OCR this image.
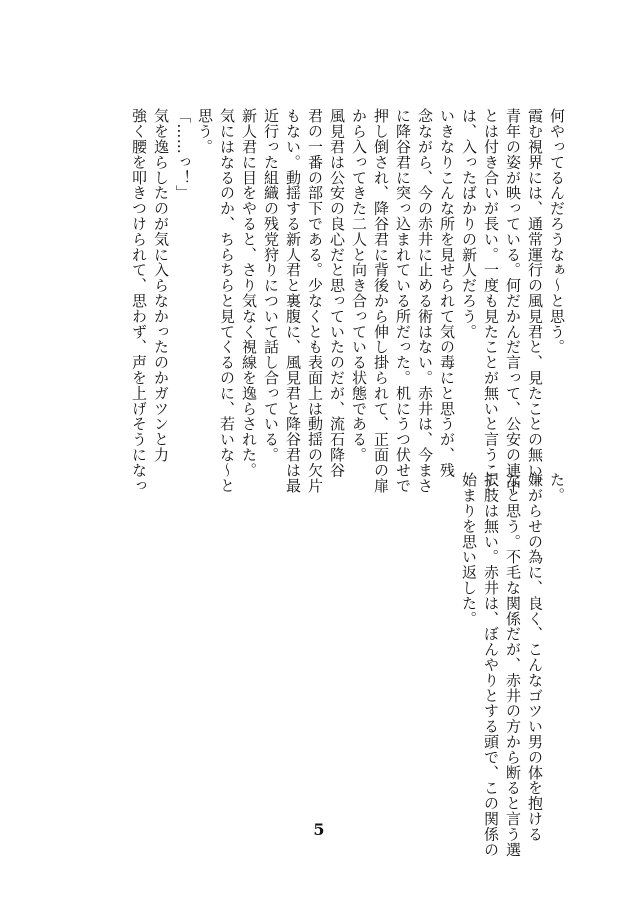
何やってるんだろうなぁ～と思う。
霞む視界には、通常運行の風見君と、見たことの無い
青年の姿が映っている。何だかんだ言って、公安の連中
とは付き合いが長い。一度も見たことが無いと言うこと
は、入ったばかりの新人だろう。
いきなりこんな所を見せられて気の毒にと思うが、残
念ながら、今の赤井に止める術はない。赤井は、今まさ
に降谷君に突っ込まれている所だった。机にうつ伏せで
押し倒され、降谷君に背後から伸し掛られて、正面の扉
から入ってきた二人と向き合っている状態である。
風見君は公安の良心だと思っていたのだが、流石降谷
君の一番の部下である。少なくとも表面上は動揺の欠片
もない。動揺する新人君と裏腹に、風見君と降谷君は最
近行った組織の残党狩りについて話し合っている。
新人君に目をやると、さり気なく視線を逸らされた。
気にはなるのか、ちらちらと見てくるのに、若いな～と
思う。
「……っ！」
気を逸らしたのが気に入らなかったのかガツンと力
強く腰を叩きつけられて、思わず、声を上げそうになっ	た。
嫌がらせの為に、良く、こんなゴツい男の体を抱ける
なと思う。不毛な関係だが、赤井の方から断ると言う選
択肢は無い。赤井は、ぼんやりとする頭で、この関係の
始まりを思い返した。
5
